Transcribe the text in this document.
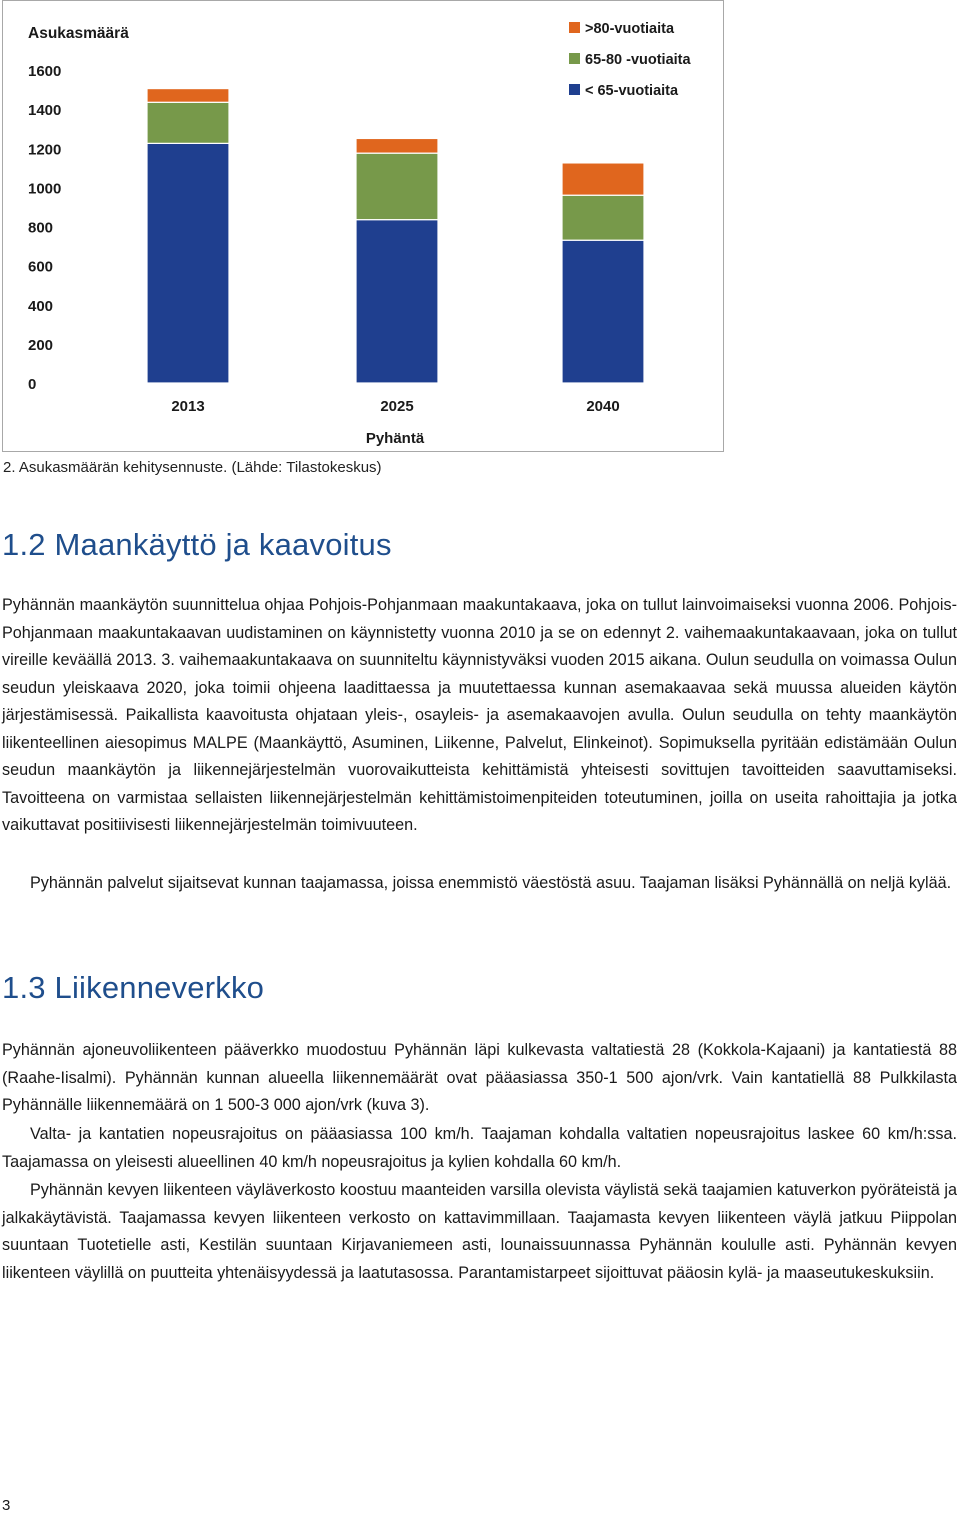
Asukasmäärä
0
200
400
600
800
1000
1200
1400
1600
2013	2025	2040
Pyhäntä
>80-vuotiaita
65-80 -vuotiaita
< 65-vuotiaita
2. Asukasmäärän kehitysennuste. (Lähde: Tilastokeskus)
1.2 Maankäyttö ja kaavoitus

Pyhännän maankäytön suunnittelua ohjaa Pohjois-Pohjanmaan maakuntakaava, joka on tullut lainvoimaiseksi vuonna 2006. Pohjois-Pohjanmaan maakuntakaavan uudistaminen on käynnistetty vuonna 2010 ja se on edennyt 2. vaihemaakuntakaavaan, joka on tullut vireille keväällä 2013. 3. vaihemaakuntakaava on suunniteltu käynnistyväksi vuoden 2015 aikana. Oulun seudulla on voimassa Oulun seudun yleiskaava 2020, joka toimii ohjeena laadittaessa ja muutettaessa kunnan asemakaavaa sekä muussa alueiden käytön järjestämisessä. Paikallista kaavoitusta ohjataan yleis-, osayleis- ja asemakaavojen avulla. Oulun seudulla on tehty maankäytön liikenteellinen aiesopimus MALPE (Maankäyttö, Asuminen, Liikenne, Palvelut, Elinkeinot). Sopimuksella pyritään edistämään Oulun seudun maankäytön ja liikennejärjestelmän vuorovaikutteista kehittämistä yhteisesti sovittujen tavoitteiden saavuttamiseksi. Tavoitteena on varmistaa sellaisten liikennejärjestelmän kehittämistoimenpiteiden toteutuminen, joilla on useita rahoittajia ja jotka vaikuttavat positiivisesti liikennejärjestelmän toimivuuteen.

Pyhännän palvelut sijaitsevat kunnan taajamassa, joissa enemmistö väestöstä asuu. Taajaman lisäksi Pyhännällä on neljä kylää.

1.3 Liikenneverkko

Pyhännän ajoneuvoliikenteen pääverkko muodostuu Pyhännän läpi kulkevasta valtatiestä 28 (Kokkola-Kajaani) ja kantatiestä 88 (Raahe-Iisalmi). Pyhännän kunnan alueella liikennemäärät ovat pääasiassa 350-1 500 ajon/vrk. Vain kantatiellä 88 Pulkkilasta Pyhännälle liikennemäärä on 1 500-3 000 ajon/vrk (kuva 3).

Valta- ja kantatien nopeusrajoitus on pääasiassa 100 km/h. Taajaman kohdalla valtatien nopeusrajoitus laskee 60 km/h:ssa. Taajamassa on yleisesti alueellinen 40 km/h nopeusrajoitus ja kylien kohdalla 60 km/h.

Pyhännän kevyen liikenteen väyläverkosto koostuu maanteiden varsilla olevista väylistä sekä taajamien katuverkon pyöräteistä ja jalkakäytävistä. Taajamassa kevyen liikenteen verkosto on kattavimmillaan. Taajamasta kevyen liikenteen väylä jatkuu Piippolan suuntaan Tuotetielle asti, Kestilän suuntaan Kirjavaniemeen asti, lounaissuunnassa Pyhännän koululle asti. Pyhännän kevyen liikenteen väylillä on puutteita yhtenäisyydessä ja laatutasossa. Parantamistarpeet sijoittuvat pääosin kylä- ja maaseutukeskuksiin.

3
